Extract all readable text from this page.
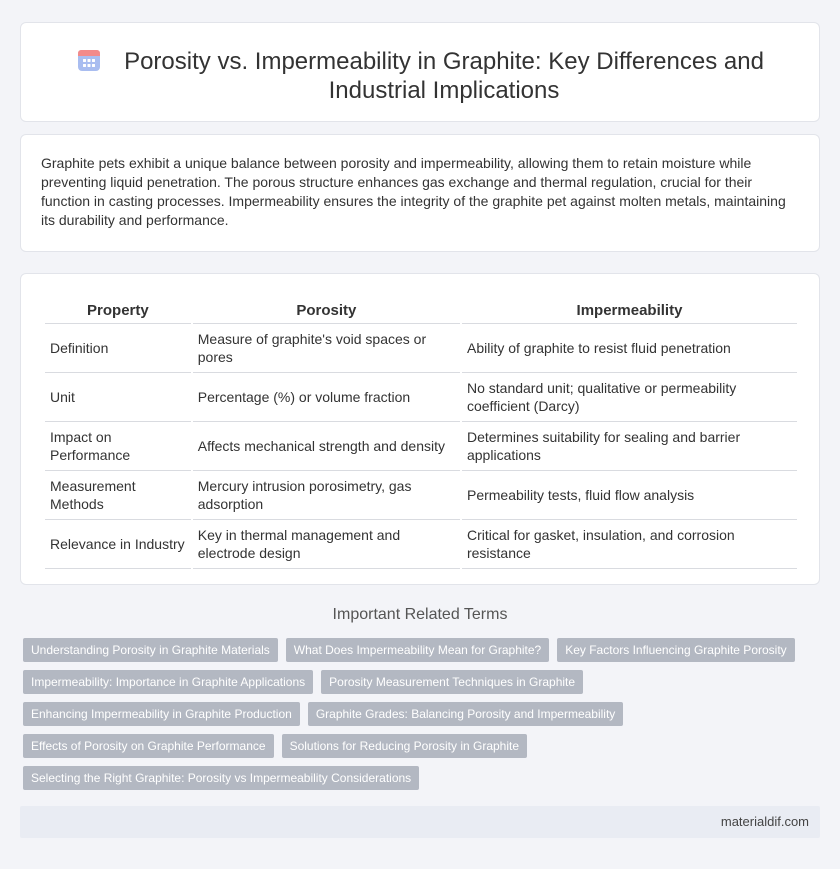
Porosity vs. Impermeability in Graphite: Key Differences and Industrial Implications

Graphite pets exhibit a unique balance between porosity and impermeability, allowing them to retain moisture while preventing liquid penetration. The porous structure enhances gas exchange and thermal regulation, crucial for their function in casting processes. Impermeability ensures the integrity of the graphite pet against molten metals, maintaining its durability and performance.

Property	Porosity	Impermeability
Definition	Measure of graphite's void spaces or pores	Ability of graphite to resist fluid penetration
Unit	Percentage (%) or volume fraction	No standard unit; qualitative or permeability coefficient (Darcy)
Impact on Performance	Affects mechanical strength and density	Determines suitability for sealing and barrier applications
Measurement Methods	Mercury intrusion porosimetry, gas adsorption	Permeability tests, fluid flow analysis
Relevance in Industry	Key in thermal management and electrode design	Critical for gasket, insulation, and corrosion resistance
Important Related Terms
Understanding Porosity in Graphite Materials	What Does Impermeability Mean for Graphite?	Key Factors Influencing Graphite Porosity
Impermeability: Importance in Graphite Applications	Porosity Measurement Techniques in Graphite
Enhancing Impermeability in Graphite Production	Graphite Grades: Balancing Porosity and Impermeability
Effects of Porosity on Graphite Performance	Solutions for Reducing Porosity in Graphite
Selecting the Right Graphite: Porosity vs Impermeability Considerations
materialdif.com
